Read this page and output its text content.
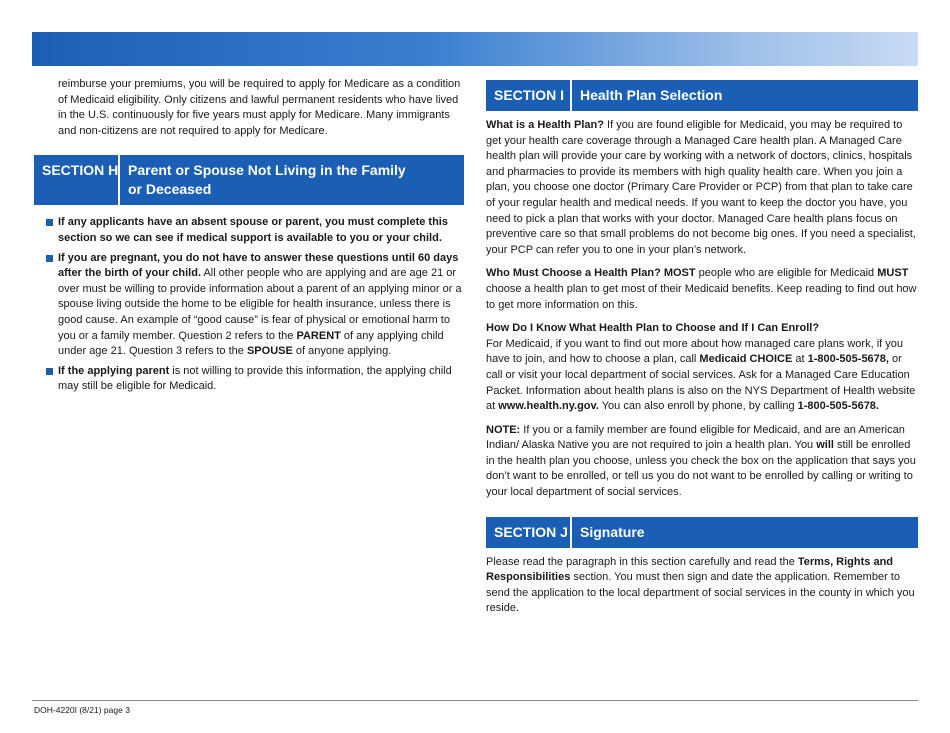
reimburse your premiums, you will be required to apply for Medicare as a condition of Medicaid eligibility. Only citizens and lawful permanent residents who have lived in the U.S. continuously for five years must apply for Medicare. Many immigrants and non-citizens are not required to apply for Medicare.

SECTION H Parent or Spouse Not Living in the Family
or Deceased
If any applicants have an absent spouse or parent, you must complete this section so we can see if medical support is available to you or your child.
If you are pregnant, you do not have to answer these questions until 60 days after the birth of your child. All other people who are applying and are age 21 or over must be willing to provide information about a parent of an applying minor or a spouse living outside the home to be eligible for health insurance, unless there is good cause. An example of “good cause” is fear of physical or emotional harm to you or a family member. Question 2 refers to the PARENT of any applying child under age 21. Question 3 refers to the SPOUSE of anyone applying.
If the applying parent is not willing to provide this information, the applying child may still be eligible for Medicaid.
SECTION I	Health Plan Selection

What is a Health Plan? If you are found eligible for Medicaid, you may be required to get your health care coverage through a Managed Care health plan. A Managed Care health plan will provide your care by working with a network of doctors, clinics, hospitals and pharmacies to provide its members with high quality health care. When you join a plan, you choose one doctor (Primary Care Provider or PCP) from that plan to take care of your regular health and medical needs. If you want to keep the doctor you have, you need to pick a plan that works with your doctor. Managed Care health plans focus on preventive care so that small problems do not become big ones. If you need a specialist, your PCP can refer you to one in your plan’s network.

Who Must Choose a Health Plan? MOST people who are eligible for Medicaid MUST choose a health plan to get most of their Medicaid benefits. Keep reading to find out how to get more information on this.

How Do I Know What Health Plan to Choose and If I Can Enroll?
For Medicaid, if you want to find out more about how managed care plans work, if you have to join, and how to choose a plan, call Medicaid CHOICE at 1-800-505-5678, or call or visit your local department of social services. Ask for a Managed Care Education Packet. Information about health plans is also on the NYS Department of Health website at www.health.ny.gov. You can also enroll by phone, by calling 1-800-505-5678.

NOTE: If you or a family member are found eligible for Medicaid, and are an American Indian/ Alaska Native you are not required to join a health plan. You will still be enrolled in the health plan you choose, unless you check the box on the application that says you don’t want to be enrolled, or tell us you do not want to be enrolled by calling or writing to your local department of social services.

SECTION J Signature

Please read the paragraph in this section carefully and read the Terms, Rights and Responsibilities section. You must then sign and date the application. Remember to send the application to the local department of social services in the county in which you reside.

DOH-4220I (8/21) page 3
